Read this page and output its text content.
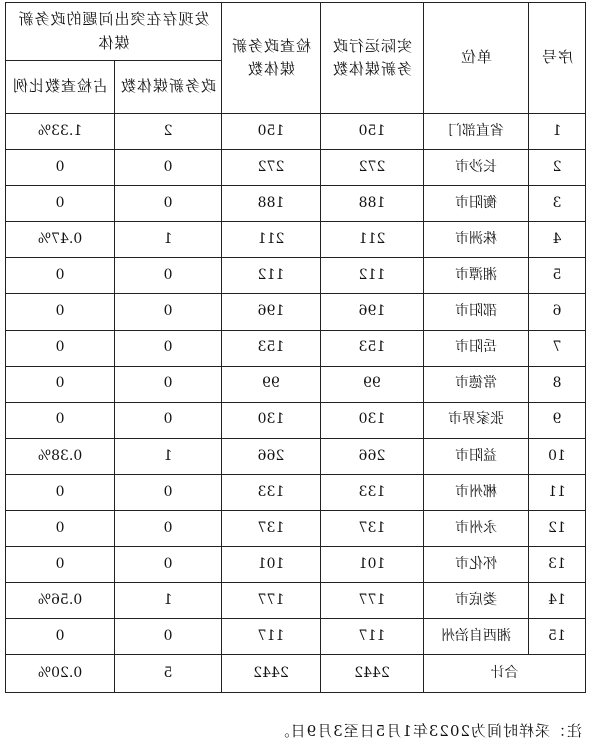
序号	单位	实际运行政务新媒体数	检查政务新媒体数	发现存在突出问题的政务新媒体	
				政务新媒体数	占检查数比例
1	省直部门	150	150	2	1.33%
2	长沙市	272	272	0	0
3	衡阳市	188	188	0	0
4	株洲市	211	211	1	0.47%
5	湘潭市	112	112	0	0
6	邵阳市	196	196	0	0
7	岳阳市	153	153	0	0
8	常德市	99	99	0	0
9	张家界市	130	130	0	0
10	益阳市	266	266	1	0.38%
11	郴州市	133	133	0	0
12	永州市	137	137	0	0
13	怀化市	101	101	0	0
14	娄底市	177	177	1	0.56%
15	湘西自治州	117	117	0	0
合计		2442	2442	5	0.20%
注：采样时间为2023年1月5日至3月9日。
